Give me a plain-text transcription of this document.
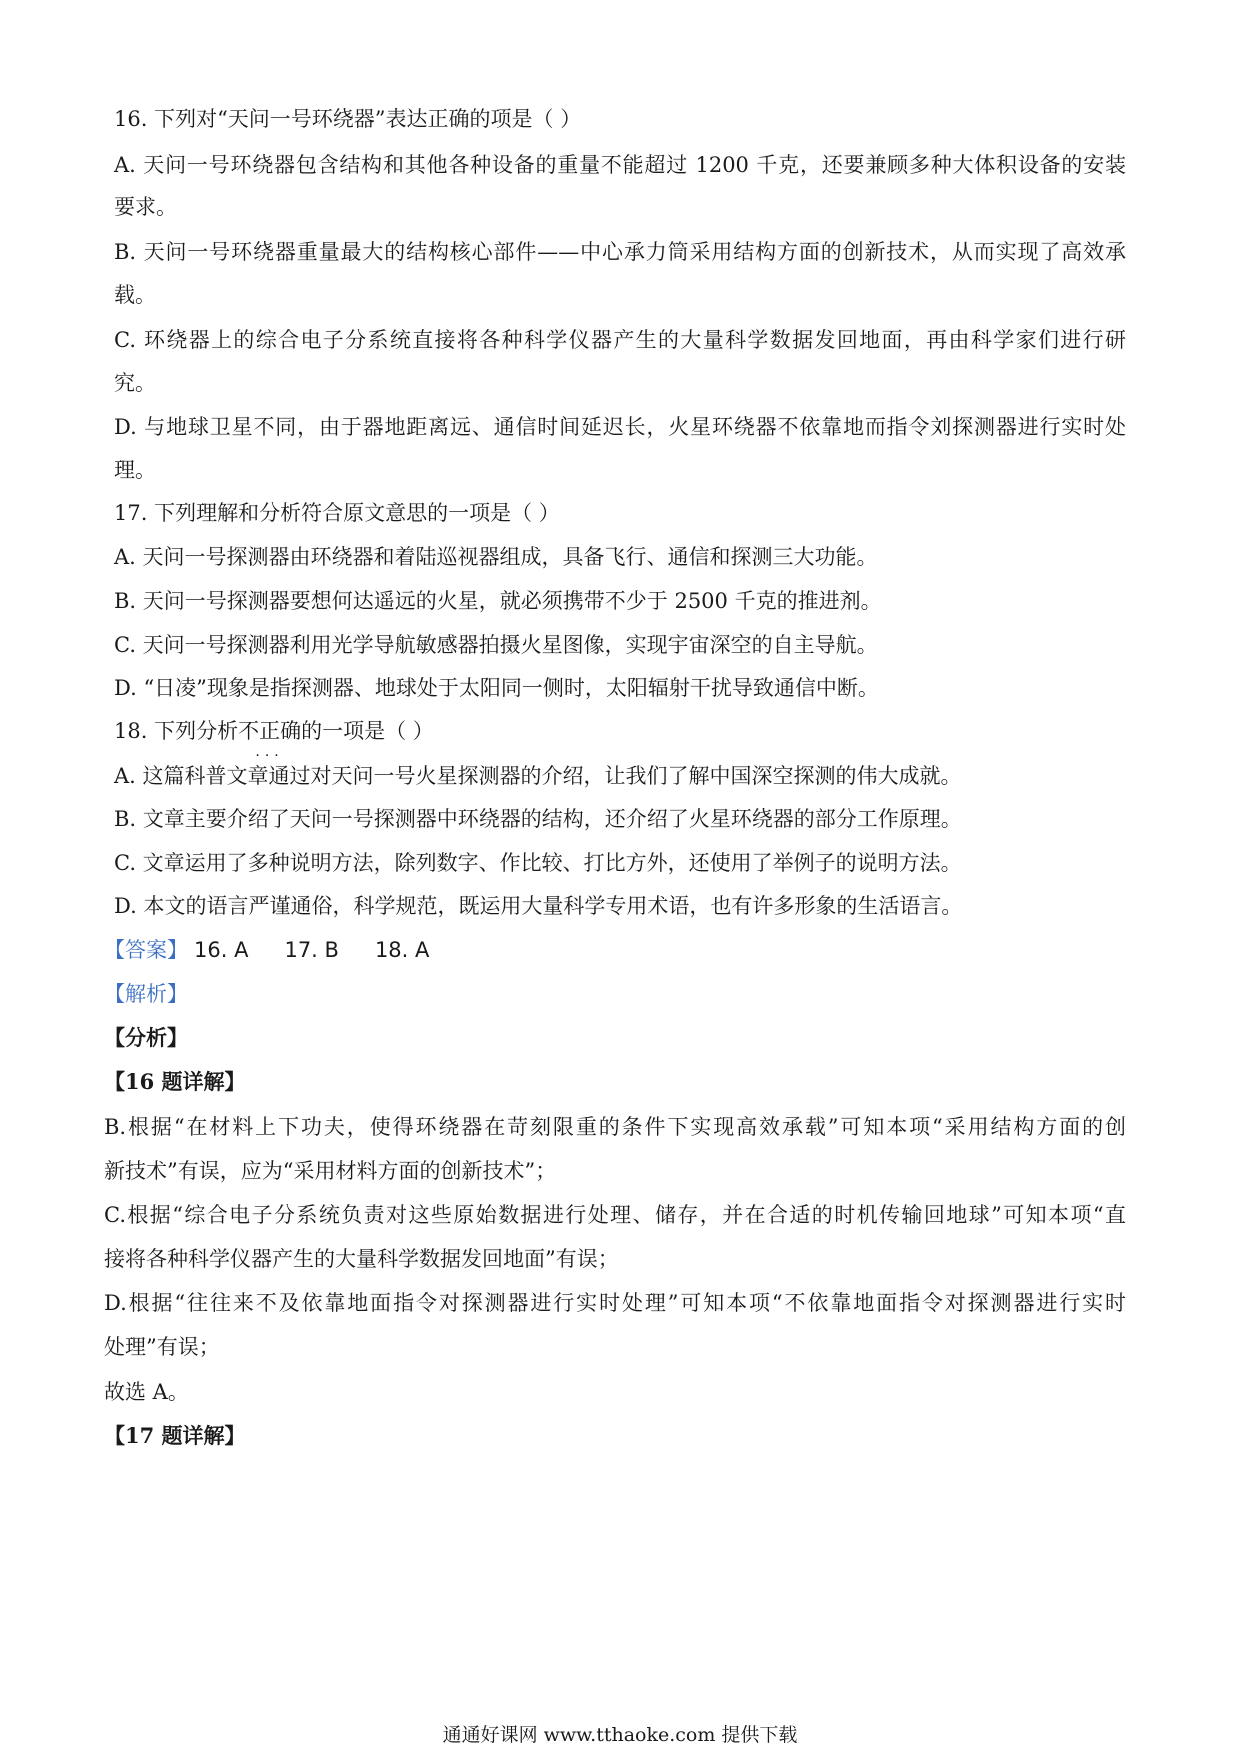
16. 下列对“天问一号环绕器”表达正确的项是（ ）
A. 天问一号环绕器包含结构和其他各种设备的重量不能超过 1200 千克，还要兼顾多种大体积设备的安装
要求。
B. 天问一号环绕器重量最大的结构核心部件——中心承力筒采用结构方面的创新技术，从而实现了高效承
载。
C. 环绕器上的综合电子分系统直接将各种科学仪器产生的大量科学数据发回地面，再由科学家们进行研
究。
D. 与地球卫星不同，由于器地距离远、通信时间延迟长，火星环绕器不依靠地而指令刘探测器进行实时处
理。
17. 下列理解和分析符合原文意思的一项是（ ）
A. 天问一号探测器由环绕器和着陆巡视器组成，具备飞行、通信和探测三大功能。
B. 天问一号探测器要想何达遥远的火星，就必须携带不少于 2500 千克的推进剂。
C. 天问一号探测器利用光学导航敏感器拍摄火星图像，实现宇宙深空的自主导航。
D. “日凌”现象是指探测器、地球处于太阳同一侧时，太阳辐射干扰导致通信中断。
18. 下列分析不正确
···
的一项是（ ）
A. 这篇科普文章通过对天问一号火星探测器的介绍，让我们了解中国深空探测的伟大成就。
B. 文章主要介绍了天问一号探测器中环绕器的结构，还介绍了火星环绕器的部分工作原理。
C. 文章运用了多种说明方法，除列数字、作比较、打比方外，还使用了举例子的说明方法。
D. 本文的语言严谨通俗，科学规范，既运用大量科学专用术语，也有许多形象的生活语言。
【答案】 16. A 17. B 18. A
【解析】
【分析】
【16 题详解】
B.根据“在材料上下功夫，使得环绕器在苛刻限重的条件下实现高效承载”可知本项“采用结构方面的创
新技术”有误，应为“采用材料方面的创新技术”；
C.根据“综合电子分系统负责对这些原始数据进行处理、储存，并在合适的时机传输回地球”可知本项“直
接将各种科学仪器产生的大量科学数据发回地面”有误；
D.根据“往往来不及依靠地面指令对探测器进行实时处理”可知本项“不依靠地面指令对探测器进行实时
处理”有误；
故选 A。
【17 题详解】
通通好课网 www.tthaoke.com 提供下载
